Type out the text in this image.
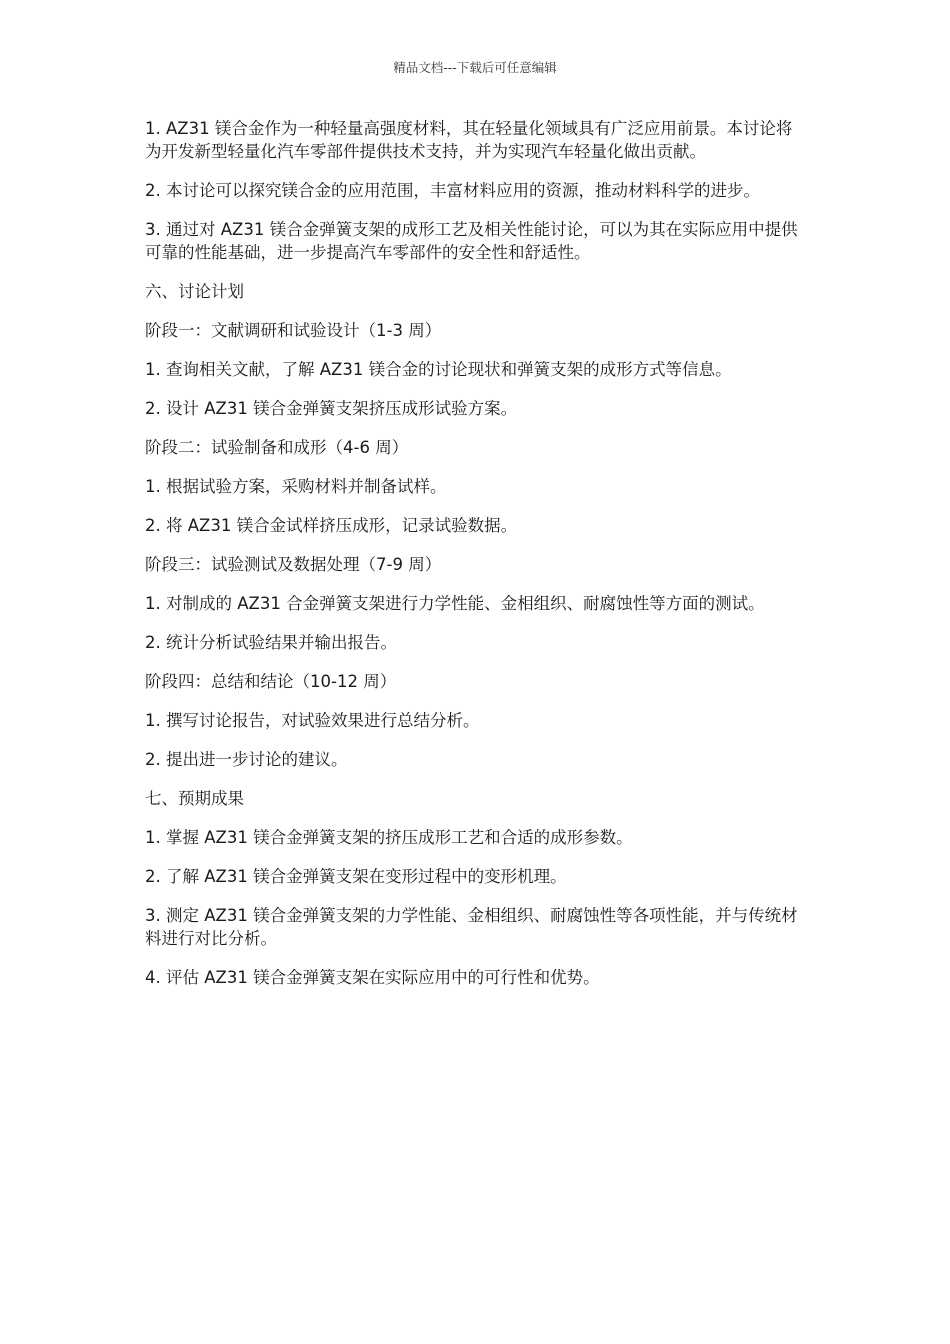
精品文档---下载后可任意编辑

1. AZ31 镁合金作为一种轻量高强度材料，其在轻量化领域具有广泛应用前景。本讨论将为开发新型轻量化汽车零部件提供技术支持，并为实现汽车轻量化做出贡献。

2. 本讨论可以探究镁合金的应用范围，丰富材料应用的资源，推动材料科学的进步。

3. 通过对 AZ31 镁合金弹簧支架的成形工艺及相关性能讨论，可以为其在实际应用中提供可靠的性能基础，进一步提高汽车零部件的安全性和舒适性。

六、讨论计划

阶段一：文献调研和试验设计（1-3 周）

1. 查询相关文献，了解 AZ31 镁合金的讨论现状和弹簧支架的成形方式等信息。

2. 设计 AZ31 镁合金弹簧支架挤压成形试验方案。

阶段二：试验制备和成形（4-6 周）

1. 根据试验方案，采购材料并制备试样。

2. 将 AZ31 镁合金试样挤压成形，记录试验数据。

阶段三：试验测试及数据处理（7-9 周）

1. 对制成的 AZ31 合金弹簧支架进行力学性能、金相组织、耐腐蚀性等方面的测试。

2. 统计分析试验结果并输出报告。

阶段四：总结和结论（10-12 周）

1. 撰写讨论报告，对试验效果进行总结分析。

2. 提出进一步讨论的建议。

七、预期成果

1. 掌握 AZ31 镁合金弹簧支架的挤压成形工艺和合适的成形参数。

2. 了解 AZ31 镁合金弹簧支架在变形过程中的变形机理。

3. 测定 AZ31 镁合金弹簧支架的力学性能、金相组织、耐腐蚀性等各项性能，并与传统材料进行对比分析。

4. 评估 AZ31 镁合金弹簧支架在实际应用中的可行性和优势。
